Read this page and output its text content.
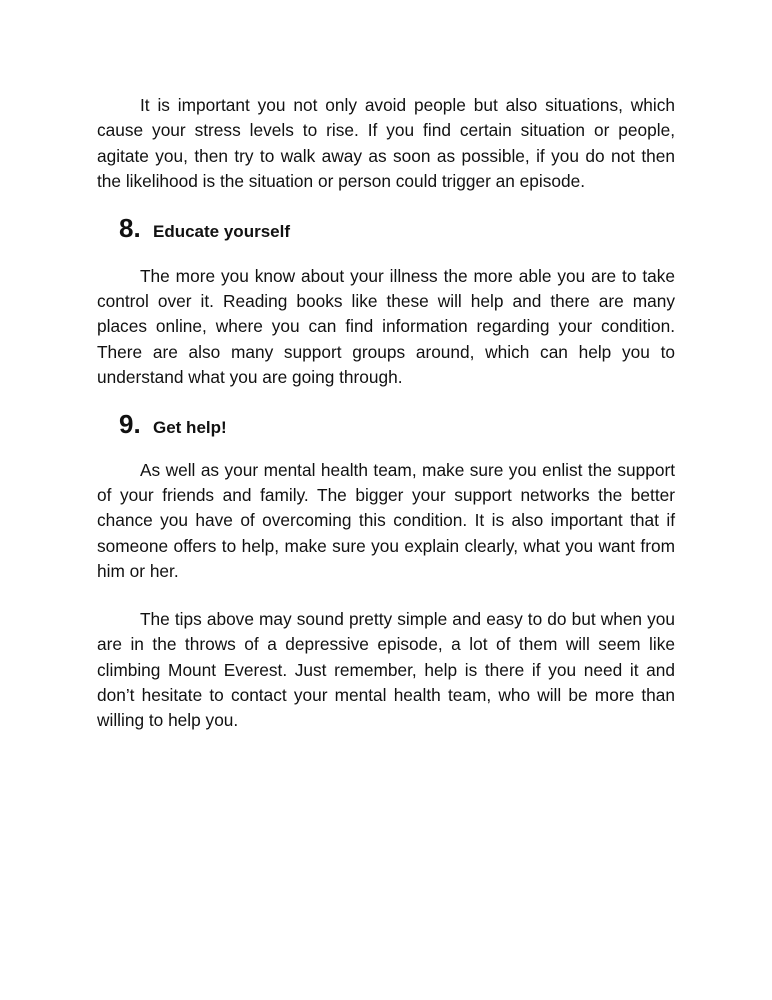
It is important you not only avoid people but also situations, which cause your stress levels to rise. If you find certain situation or people, agitate you, then try to walk away as soon as possible, if you do not then the likelihood is the situation or person could trigger an episode.

8. Educate yourself

The more you know about your illness the more able you are to take control over it. Reading books like these will help and there are many places online, where you can find information regarding your condition. There are also many support groups around, which can help you to understand what you are going through.

9. Get help!

As well as your mental health team, make sure you enlist the support of your friends and family. The bigger your support networks the better chance you have of overcoming this condition. It is also important that if someone offers to help, make sure you explain clearly, what you want from him or her.

The tips above may sound pretty simple and easy to do but when you are in the throws of a depressive episode, a lot of them will seem like climbing Mount Everest. Just remember, help is there if you need it and don’t hesitate to contact your mental health team, who will be more than willing to help you.
